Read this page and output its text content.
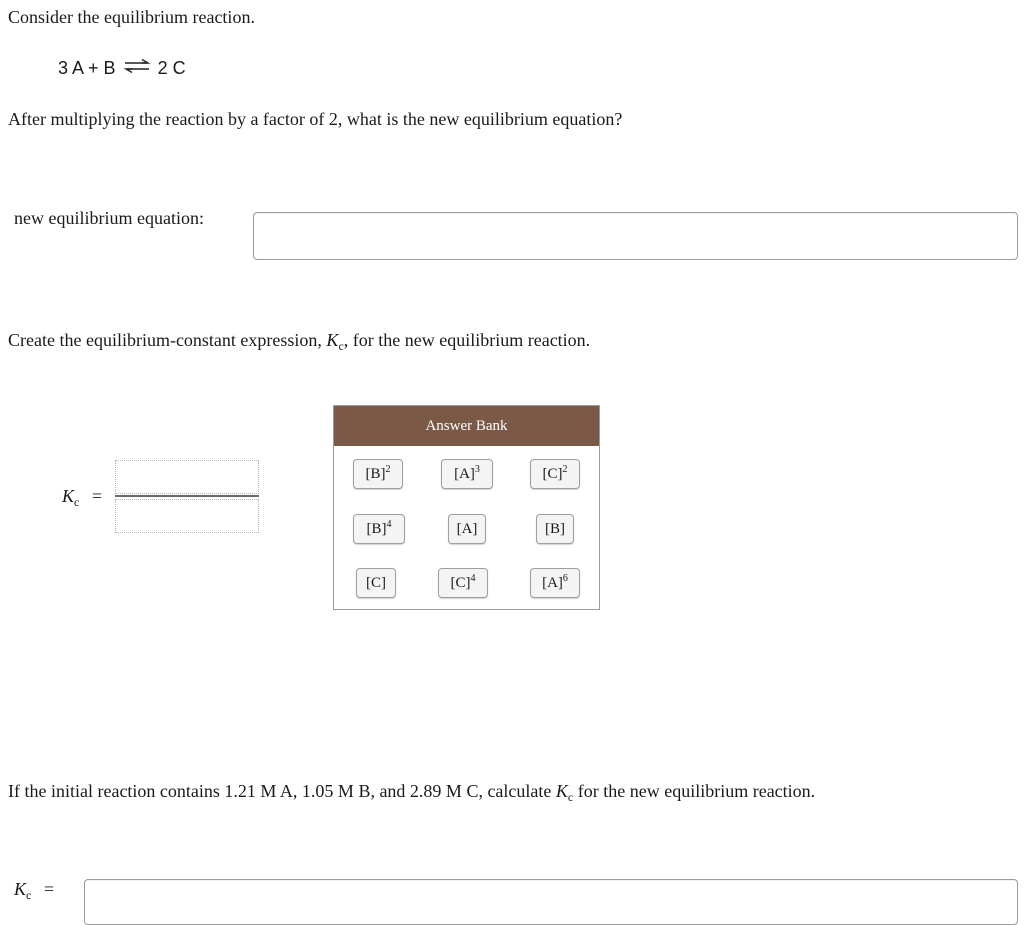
Consider the equilibrium reaction.
3 A + B ⇌ 2 C
After multiplying the reaction by a factor of 2, what is the new equilibrium equation?
new equilibrium equation:
Create the equilibrium-constant expression, $K_c$, for the new equilibrium reaction.
$K_c$ =
Answer Bank
$[B]^2$	$[A]^3$	$[C]^2$
$[B]^4$	[A]	[B]
[C]	$[C]^4$	$[A]^6$
If the initial reaction contains 1.21 M A, 1.05 M B, and 2.89 M C, calculate $K_c$ for the new equilibrium reaction.
$K_c$ =
